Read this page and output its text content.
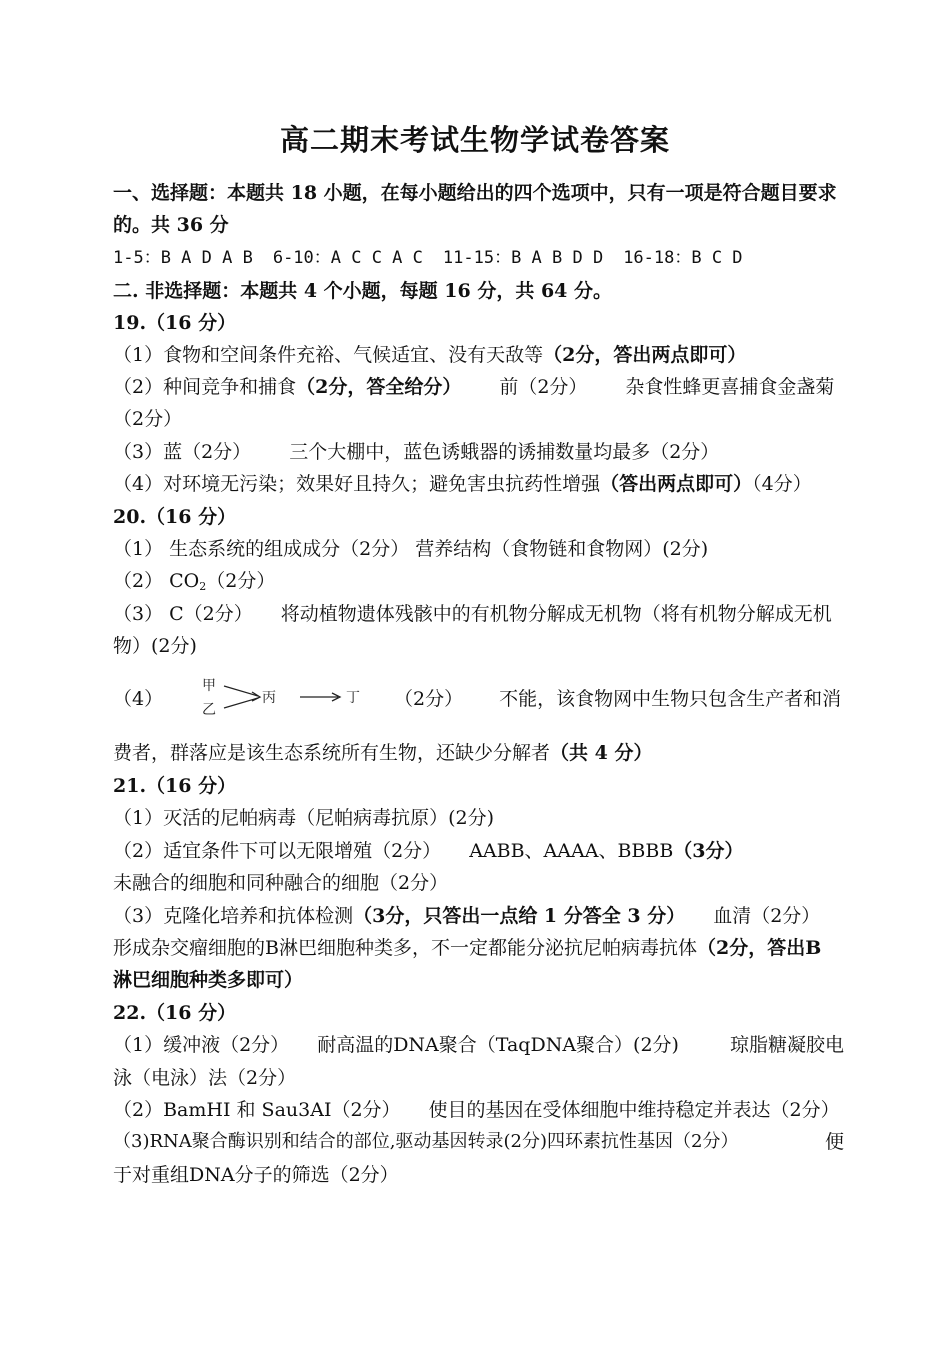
高二期末考试生物学试卷答案
一、选择题：本题共 18 小题，在每小题给出的四个选项中，只有一项是符合题目要求
的。共 36 分
1-5：B A D A B 6-10：A C C A C 11-15：B A B D D 16-18：B C D
二. 非选择题：本题共 4 个小题，每题 16 分，共 64 分。
19.（16 分）
（1）食物和空间条件充裕、气候适宜、没有天敌等（2分，答出两点即可）
（2）种间竞争和捕食（2分，答全给分） 前（2分） 杂食性蜂更喜捕食金盏菊
（2分）
（3）蓝（2分） 三个大棚中，蓝色诱蛾器的诱捕数量均最多（2分）
（4）对环境无污染；效果好且持久；避免害虫抗药性增强（答出两点即可）（4分）
20.（16 分）
（1） 生态系统的组成成分（2分） 营养结构（食物链和食物网）(2分)
（2） $CO_2(2$分）
（3） C（2分） 将动植物遗体残骸中的有机物分解成无机物（将有机物分解成无机
物）(2分)
（4）
甲
乙
丙	丁 （2分） 不能，该食物网中生物只包含生产者和消
费者，群落应是该生态系统所有生物，还缺少分解者（共 4 分）
21.（16 分）
（1）灭活的尼帕病毒（尼帕病毒抗原）(2分)
（2）适宜条件下可以无限增殖（2分） AABB、AAAA、BBBB（3分）
未融合的细胞和同种融合的细胞（2分）
（3）克隆化培养和抗体检测（3分，只答出一点给 1 分答全 3 分） 血清（2分）
形成杂交瘤细胞的B淋巴细胞种类多，不一定都能分泌抗尼帕病毒抗体（2分，答出B
淋巴细胞种类多即可）
22.（16 分）
（1）缓冲液（2分） 耐高温的DNA聚合（TaqDNA聚合）(2分)	琼脂糖凝胶电
泳（电泳）法（2分）
（2）BamHI 和 Sau3AI（2分） 使目的基因在受体细胞中维持稳定并表达（2分）
（3)RNA聚合酶识别和结合的部位,驱动基因转录(2分)四环素抗性基因（2分）	便
于对重组DNA分子的筛选（2分）
